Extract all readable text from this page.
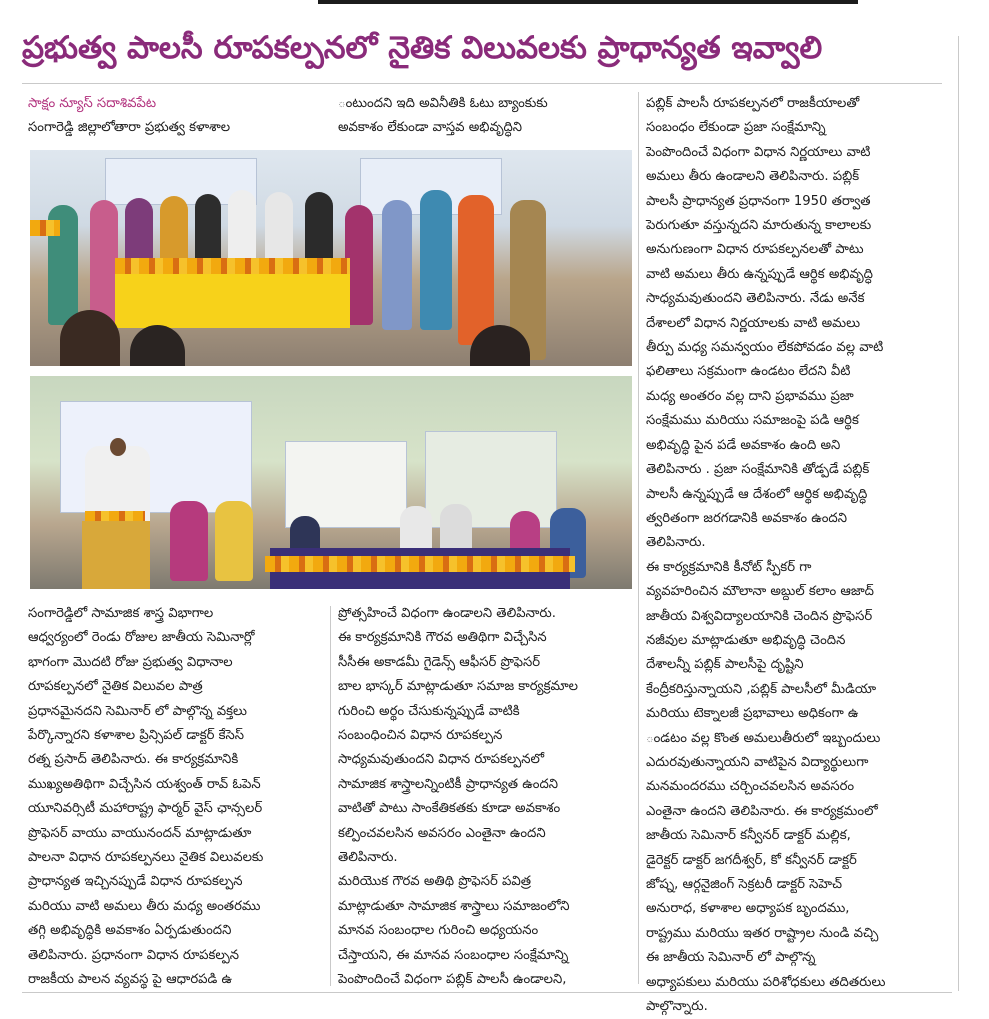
ప్రభుత్వ పాలసీ రూపకల్పనలో నైతిక విలువలకు ప్రాధాన్యత ఇవ్వాలి

సాక్షం న్యూస్ సదాశివపేట

సంగారెడ్డి జిల్లాలోతారా ప్రభుత్వ కళాశాల

ంటుందని ఇది అవినీతికి ఓటు బ్యాంకుకు

అవకాశం లేకుండా వాస్తవ అభివృద్ధిని

సంగారెడ్డిలో సామాజిక శాస్త్ర విభాగాల

ఆధ్వర్యంలో రెండు రోజుల జాతీయ సెమినార్లో

భాగంగా మొదటి రోజు ప్రభుత్వ విధానాల

రూపకల్పనలో నైతిక విలువల పాత్ర

ప్రధానమైనదని సెమినార్ లో పాల్గొన్న వక్తలు

పేర్కొన్నారని కళాశాల ప్రిన్సిపల్ డాక్టర్ కేసెస్

రత్న ప్రసాద్ తెలిపినారు. ఈ కార్యక్రమానికి

ముఖ్యఅతిథిగా విచ్చేసిన యశ్వంత్ రావ్ ఓపెన్

యూనివర్సిటీ మహారాష్ట్ర ఫార్మర్ వైస్ ఛాన్సలర్

ప్రొఫెసర్ వాయు వాయునందన్ మాట్లాడుతూ

పాలనా విధాన రూపకల్పనలు నైతిక విలువలకు

ప్రాధాన్యత ఇచ్చినప్పుడే విధాన రూపకల్పన

మరియు వాటి అమలు తీరు మధ్య అంతరము

తగ్గి అభివృద్ధికి అవకాశం ఏర్పడుతుందని

తెలిపినారు. ప్రధానంగా విధాన రూపకల్పన

రాజకీయ పాలన వ్యవస్థ పై ఆధారపడి ఉ

ప్రోత్సహించే విధంగా ఉండాలని తెలిపినారు.

ఈ కార్యక్రమానికి గౌరవ అతిథిగా విచ్చేసిన

సీసీఈ అకాడమీ గైడెన్స్ ఆఫీసర్ ప్రొఫెసర్

బాల భాస్కర్ మాట్లాడుతూ సమాజ కార్యక్రమాల

గురించి అర్థం చేసుకున్నప్పుడే వాటికి

సంబంధించిన విధాన రూపకల్పన

సాధ్యమవుతుందని విధాన రూపకల్పనలో

సామాజిక శాస్త్రాలన్నింటికీ ప్రాధాన్యత ఉందని

వాటితో పాటు సాంకేతికతకు కూడా అవకాశం

కల్పించవలసిన అవసరం ఎంతైనా ఉందని

తెలిపినారు.

మరియొక గౌరవ అతిథి ప్రొఫెసర్ పవిత్ర

మాట్లాడుతూ సామాజిక శాస్త్రాలు సమాజంలోని

మానవ సంబంధాల గురించి అధ్యయనం

చేస్తాయని, ఈ మానవ సంబంధాల సంక్షేమాన్ని

పెంపొందించే విధంగా పబ్లిక్ పాలసీ ఉండాలని,

పబ్లిక్ పాలసీ రూపకల్పనలో రాజకీయాలతో

సంబంధం లేకుండా ప్రజా సంక్షేమాన్ని

పెంపొందించే విధంగా విధాన నిర్ణయాలు వాటి

అమలు తీరు ఉండాలని తెలిపినారు. పబ్లిక్

పాలసీ ప్రాధాన్యత ప్రధానంగా 1950 తర్వాత

పెరుగుతూ వస్తున్నదని మారుతున్న కాలాలకు

అనుగుణంగా విధాన రూపకల్పనలతో పాటు

వాటి అమలు తీరు ఉన్నప్పుడే ఆర్థిక అభివృద్ధి

సాధ్యమవుతుందని తెలిపినారు. నేడు అనేక

దేశాలలో విధాన నిర్ణయాలకు వాటి అమలు

తీర్పు మధ్య సమన్వయం లేకపోవడం వల్ల వాటి

ఫలితాలు సక్రమంగా ఉండటం లేదని వీటి

మధ్య అంతరం వల్ల దాని ప్రభావము ప్రజా

సంక్షేమము మరియు సమాజంపై పడి ఆర్థిక

అభివృద్ధి పైన పడే అవకాశం ఉంది అని

తెలిపినారు . ప్రజా సంక్షేమానికి తోడ్పడే పబ్లిక్

పాలసీ ఉన్నప్పుడే ఆ దేశంలో ఆర్థిక అభివృద్ధి

త్వరితంగా జరగడానికి అవకాశం ఉందని

తెలిపినారు.

ఈ కార్యక్రమానికి కీనోట్ స్పీకర్ గా

వ్యవహరించిన మౌలానా అబ్దుల్ కలాం ఆజాద్

జాతీయ విశ్వవిద్యాలయానికి చెందిన ప్రొఫెసర్

నజీవుల మాట్లాడుతూ అభివృద్ధి చెందిన

దేశాలన్నీ పబ్లిక్ పాలసీపై దృష్టిని

కేంద్రీకరిస్తున్నాయని ,పబ్లిక్ పాలసీలో మీడియా

మరియు టెక్నాలజీ ప్రభావాలు అధికంగా ఉ

ండటం వల్ల కొంత అమలుతీరులో ఇబ్బందులు

ఎదురవుతున్నాయని వాటిపైన విద్యార్థులుగా

మనమందరము చర్చించవలసిన అవసరం

ఎంతైనా ఉందని తెలిపినారు. ఈ కార్యక్రమంలో

జాతీయ సెమినార్ కన్వీనర్ డాక్టర్ మల్లిక,

డైరెక్టర్ డాక్టర్ జగదీశ్వర్, కో కన్వీనర్ డాక్టర్

జోష్న, ఆర్గనైజింగ్ సెక్రటరీ డాక్టర్ సెహెచ్

అనురాధ, కళాశాల అధ్యాపక బృందము,

రాష్ట్రము మరియు ఇతర రాష్ట్రాల నుండి వచ్చి

ఈ జాతీయ సెమినార్ లో పాల్గొన్న

అధ్యాపకులు మరియు పరిశోధకులు తదితరులు

పాల్గొన్నారు.
